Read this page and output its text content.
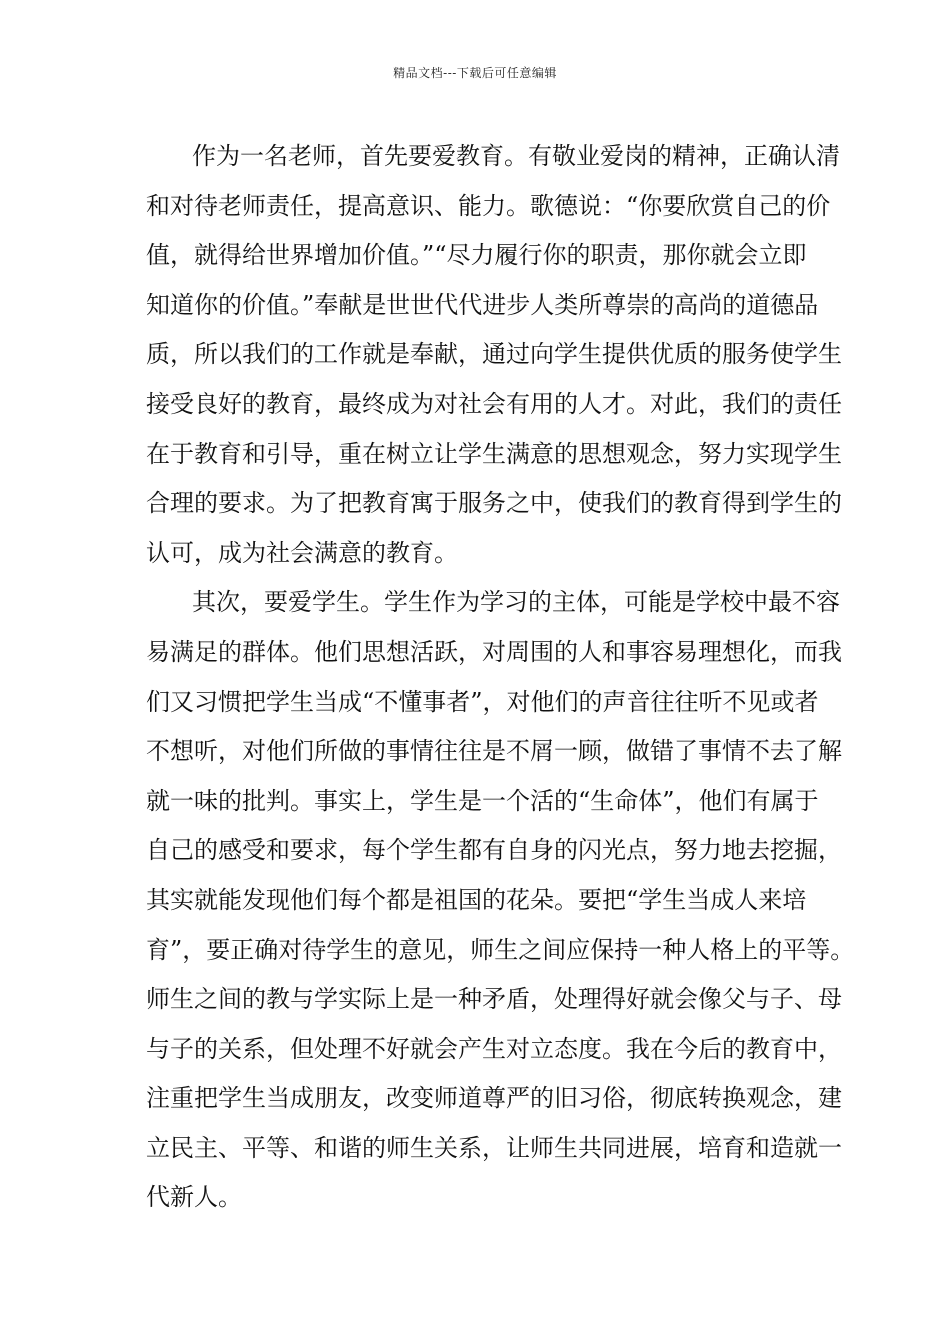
精品文档---下载后可任意编辑
作为一名老师，首先要爱教育。有敬业爱岗的精神，正确认清
和对待老师责任，提高意识、能力。歌德说：“你要欣赏自己的价
值，就得给世界增加价值。”“尽力履行你的职责，那你就会立即
知道你的价值。”奉献是世世代代进步人类所尊崇的高尚的道德品
质，所以我们的工作就是奉献，通过向学生提供优质的服务使学生
接受良好的教育，最终成为对社会有用的人才。对此，我们的责任
在于教育和引导，重在树立让学生满意的思想观念，努力实现学生
合理的要求。为了把教育寓于服务之中，使我们的教育得到学生的
认可，成为社会满意的教育。
其次，要爱学生。学生作为学习的主体，可能是学校中最不容
易满足的群体。他们思想活跃，对周围的人和事容易理想化，而我
们又习惯把学生当成“不懂事者”，对他们的声音往往听不见或者
不想听，对他们所做的事情往往是不屑一顾，做错了事情不去了解
就一味的批判。事实上，学生是一个活的“生命体”，他们有属于
自己的感受和要求，每个学生都有自身的闪光点，努力地去挖掘，
其实就能发现他们每个都是祖国的花朵。要把“学生当成人来培
育”，要正确对待学生的意见，师生之间应保持一种人格上的平等。
师生之间的教与学实际上是一种矛盾，处理得好就会像父与子、母
与子的关系，但处理不好就会产生对立态度。我在今后的教育中，
注重把学生当成朋友，改变师道尊严的旧习俗，彻底转换观念，建
立民主、平等、和谐的师生关系，让师生共同进展，培育和造就一
代新人。
